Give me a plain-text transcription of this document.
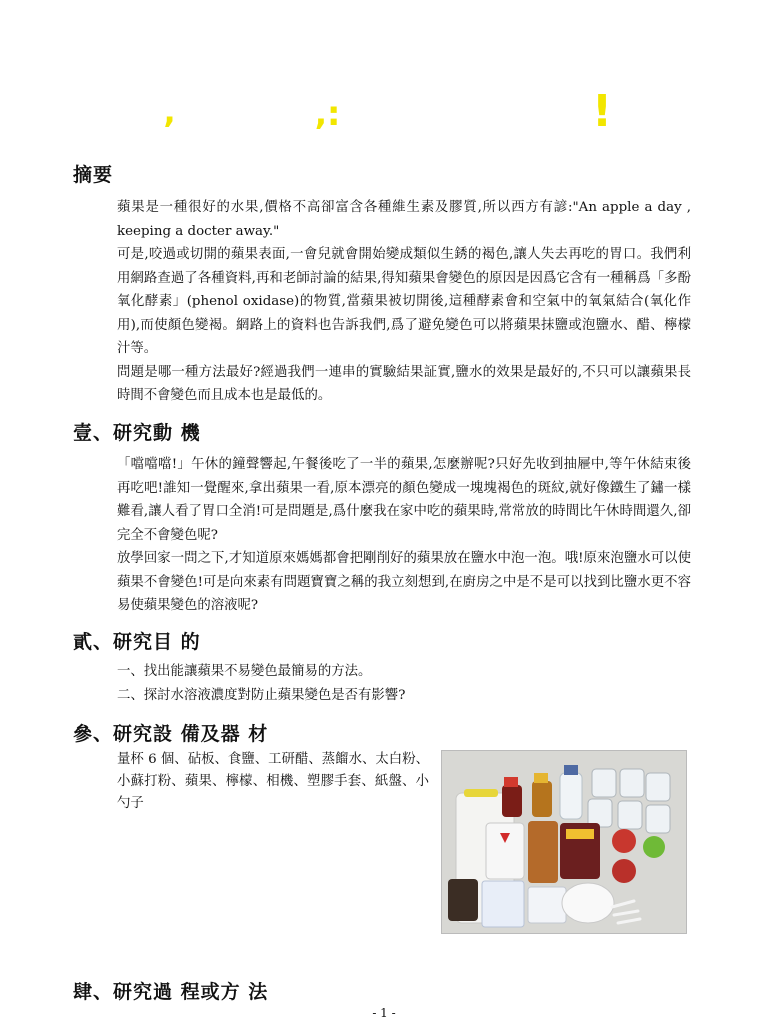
’	‚:	!
摘要

蘋果是一種很好的水果,價格不高卻富含各種維生素及膠質,所以西方有諺:"An apple a day , keeping a docter away."

可是,咬過或切開的蘋果表面,一會兒就會開始變成類似生銹的褐色,讓人失去再吃的胃口。我們利用網路查過了各種資料,再和老師討論的結果,得知蘋果會變色的原因是因爲它含有一種稱爲「多酚氧化酵素」(phenol oxidase)的物質,當蘋果被切開後,這種酵素會和空氣中的氧氣結合(氧化作用),而使顏色變褐。網路上的資料也告訴我們,爲了避免變色可以將蘋果抹鹽或泡鹽水、醋、檸檬汁等。

問題是哪一種方法最好?經過我們一連串的實驗結果証實,鹽水的效果是最好的,不只可以讓蘋果長時間不會變色而且成本也是最低的。

壹、研究動 機

「噹噹噹!」午休的鐘聲響起,午餐後吃了一半的蘋果,怎麼辦呢?只好先收到抽屜中,等午休結束後再吃吧!誰知一覺醒來,拿出蘋果一看,原本漂亮的顏色變成一塊塊褐色的斑紋,就好像鐵生了鏽一樣難看,讓人看了胃口全消!可是問題是,爲什麼我在家中吃的蘋果時,常常放的時間比午休時間還久,卻完全不會變色呢?

放學回家一問之下,才知道原來媽媽都會把剛削好的蘋果放在鹽水中泡一泡。哦!原來泡鹽水可以使蘋果不會變色!可是向來素有問題寶寶之稱的我立刻想到,在廚房之中是不是可以找到比鹽水更不容易使蘋果變色的溶液呢?

貳、研究目 的
一、找出能讓蘋果不易變色最簡易的方法。
二、探討水溶液濃度對防止蘋果變色是否有影響?
參、研究設 備及器 材

量杯 6 個、砧板、食鹽、工研醋、蒸餾水、太白粉、小蘇打粉、蘋果、檸檬、相機、塑膠手套、紙盤、小勺子

肆、研究過 程或方 法
- 1 -
